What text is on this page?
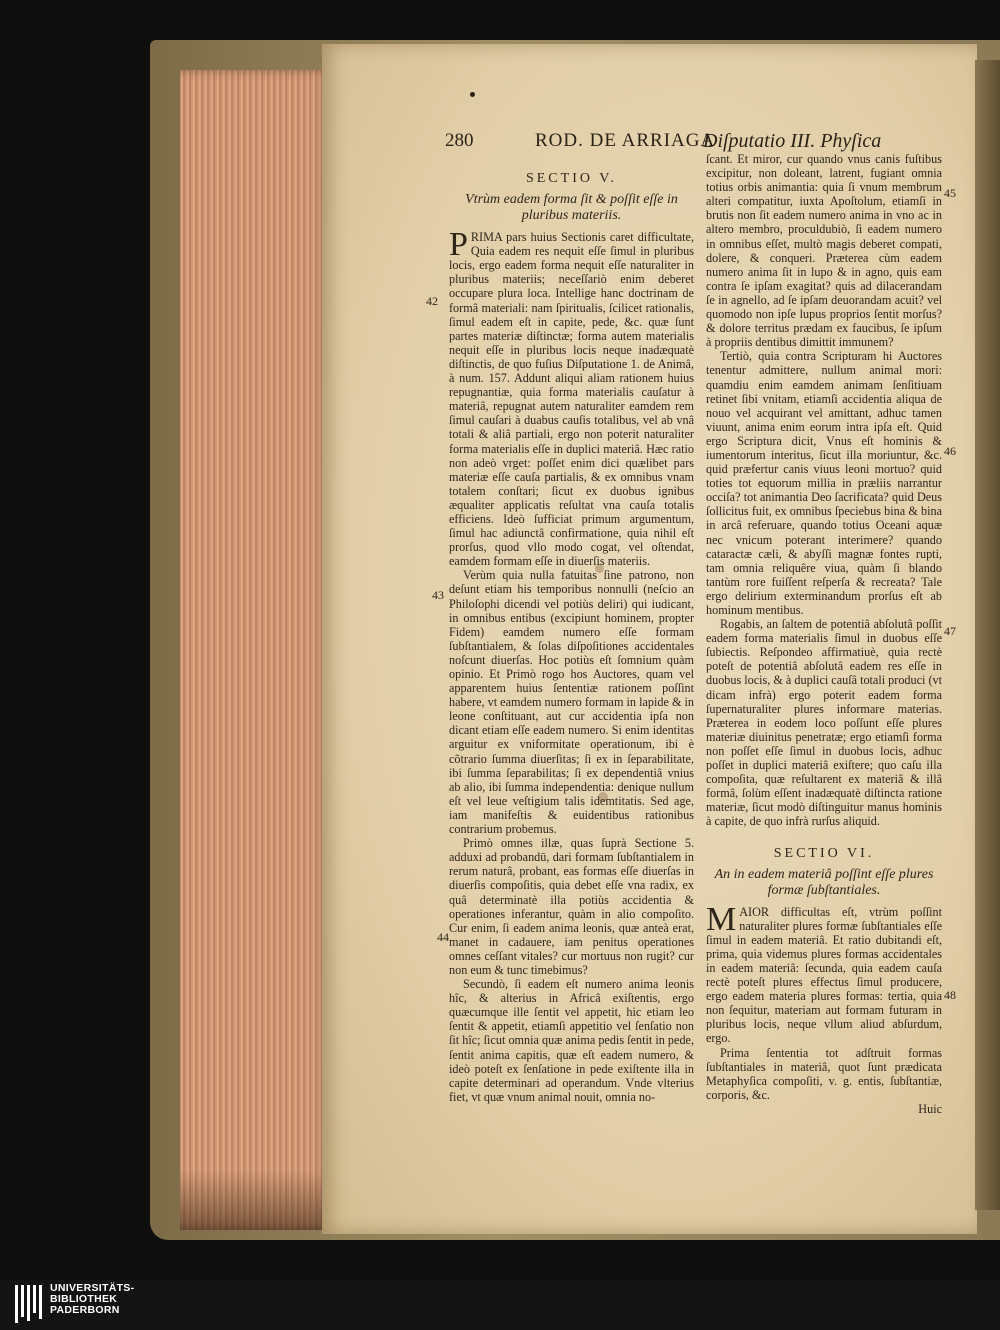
280	ROD. DE ARRIAGA
Diſputatio III. Phyſica
SECTIO V.
Vtrùm eadem forma ſit & poſſit eſſe in pluribus materiis.

PRIMA pars huius Sectionis caret difficultate, Quia eadem res nequit eſſe ſimul in pluribus locis, ergo eadem forma nequit eſſe naturaliter in pluribus materiis; neceſſariò enim deberet occupare plura loca. Intellige hanc doctrinam de formâ materiali: nam ſpiritualis, ſcilicet rationalis, ſimul eadem eſt in capite, pede, &c. quæ ſunt partes materiæ diſtinctæ; forma autem materialis nequit eſſe in pluribus locis neque inadæquatè diſtinctis, de quo fuſius Diſputatione 1. de Animâ, à num. 157. Addunt aliqui aliam rationem huius repugnantiæ, quia forma materialis cauſatur à materiâ, repugnat autem naturaliter eamdem rem ſimul cauſari à duabus cauſis totalibus, vel ab vnâ totali & aliâ partiali, ergo non poterit naturaliter forma materialis eſſe in duplici materiâ. Hæc ratio non adeò vrget: poſſet enim dici quælibet pars materiæ eſſe cauſa partialis, & ex omnibus vnam totalem conſtari; ſicut ex duobus ignibus æqualiter applicatis reſultat vna cauſa totalis efficiens. Ideò ſufficiat primum argumentum, ſimul hac adiunctâ confirmatione, quia nihil eſt prorſus, quod vllo modo cogat, vel oſtendat, eamdem formam eſſe in diuerſis materiis.

Verùm quia nulla fatuitas ſine patrono, non deſunt etiam his temporibus nonnulli (neſcio an Philoſophi dicendi vel potiùs deliri) qui iudicant, in omnibus entibus (excipiunt hominem, propter Fidem) eamdem numero eſſe formam ſubſtantialem, & ſolas diſpoſitiones accidentales noſcunt diuerſas. Hoc potiùs eſt ſomnium quàm opinio. Et Primò rogo hos Auctores, quam vel apparentem huius ſententiæ rationem poſſint habere, vt eamdem numero formam in lapide & in leone conſtituant, aut cur accidentia ipſa non dicant etiam eſſe eadem numero. Si enim identitas arguitur ex vniformitate operationum, ibi è cõtrario ſumma diuerſitas; ſi ex in ſeparabilitate, ibi ſumma ſeparabilitas; ſi ex dependentiâ vnius ab alio, ibi ſumma independentia: denique nullum eſt vel leue veſtigium talis idemtitatis. Sed age, iam manifeſtis & euidentibus rationibus contrarium probemus.

Primò omnes illæ, quas ſuprà Sectione 5. adduxi ad probandū, dari formam ſubſtantialem in rerum naturâ, probant, eas formas eſſe diuerſas in diuerſis compoſitis, quia debet eſſe vna radix, ex quâ determinatè illa potiùs accidentia & operationes inferantur, quàm in alio compoſito. Cur enim, ſi eadem anima leonis, quæ anteà erat, manet in cadauere, iam penitus operationes omnes ceſſant vitales? cur mortuus non rugit? cur non eum & tunc timebimus?

Secundò, ſi eadem eſt numero anima leonis hîc, & alterius in Africâ exiſtentis, ergo quæcumque ille ſentit vel appetit, hic etiam leo ſentit & appetit, etiamſi appetitio vel ſenſatio non ſit hîc; ſicut omnia quæ anima pedis ſentit in pede, ſentit anima capitis, quæ eſt eadem numero, & ideò poteſt ex ſenſatione in pede exiſtente illa in capite determinari ad operandum. Vnde vlterius fiet, vt quæ vnum animal nouit, omnia no-

42
43
44

ſcant. Et miror, cur quando vnus canis fuſtibus excipitur, non doleant, latrent, fugiant omnia totius orbis animantia: quia ſi vnum membrum alteri compatitur, iuxta Apoſtolum, etiamſi in brutis non ſit eadem numero anima in vno ac in altero membro, proculdubiò, ſi eadem numero in omnibus eſſet, multò magis deberet compati, dolere, & conqueri. Præterea cùm eadem numero anima ſit in lupo & in agno, quis eam contra ſe ipſam exagitat? quis ad dilacerandam ſe in agnello, ad ſe ipſam deuorandam acuit? vel quomodo non ipſe lupus proprios ſentit morſus? & dolore territus prædam ex faucibus, ſe ipſum à propriis dentibus dimittit immunem?

Tertiò, quia contra Scripturam hi Auctores tenentur admittere, nullum animal mori: quamdiu enim eamdem animam ſenſitiuam retinet ſibi vnitam, etiamſi accidentia aliqua de nouo vel acquirant vel amittant, adhuc tamen viuunt, anima enim eorum intra ipſa eſt. Quid ergo Scriptura dicit, Vnus eſt hominis & iumentorum interitus, ſicut illa moriuntur, &c. quid præfertur canis viuus leoni mortuo? quid toties tot equorum millia in præliis narrantur occiſa? tot animantia Deo ſacrificata? quid Deus ſollicitus fuit, ex omnibus ſpeciebus bina & bina in arcâ referuare, quando totius Oceani aquæ nec vnicum poterant interimere? quando cataractæ cæli, & abyſſi magnæ fontes rupti, tam omnia reliquêre viua, quàm ſi blando tantùm rore fuiſſent reſperſa & recreata? Tale ergo delirium exterminandum prorſus eſt ab hominum mentibus.

Rogabis, an ſaltem de potentiâ abſolutâ poſſit eadem forma materialis ſimul in duobus eſſe ſubiectis. Reſpondeo affirmatiuè, quia rectè poteſt de potentiâ abſolutâ eadem res eſſe in duobus locis, & à duplici cauſâ totali produci (vt dicam infrà) ergo poterit eadem forma ſupernaturaliter plures informare materias. Præterea in eodem loco poſſunt eſſe plures materiæ diuinitus penetratæ; ergo etiamſi forma non poſſet eſſe ſimul in duobus locis, adhuc poſſet in duplici materiâ exiſtere; quo caſu illa compoſita, quæ reſultarent ex materiâ & illâ formâ, ſolùm eſſent inadæquatè diſtincta ratione materiæ, ſicut modò diſtinguitur manus hominis à capite, de quo infrà rurſus aliquid.

SECTIO VI.
An in eadem materiâ poſſint eſſe plures formæ ſubſtantiales.

MAIOR difficultas eſt, vtrùm poſſint naturaliter plures formæ ſubſtantiales eſſe ſimul in eadem materiâ. Et ratio dubitandi eſt, prima, quia videmus plures formas accidentales in eadem materiâ: ſecunda, quia eadem cauſa rectè poteſt plures effectus ſimul producere, ergo eadem materia plures formas: tertia, quia non ſequitur, materiam aut formam futuram in pluribus locis, neque vllum aliud abſurdum, ergo.

Prima ſententia tot adſtruit formas ſubſtantiales in materiâ, quot ſunt prædicata Metaphyſica compoſiti, v. g. entis, ſubſtantiæ, corporis, &c.

Huic

45
46
47
48
UNIVERSITÄTS-
BIBLIOTHEK
PADERBORN
